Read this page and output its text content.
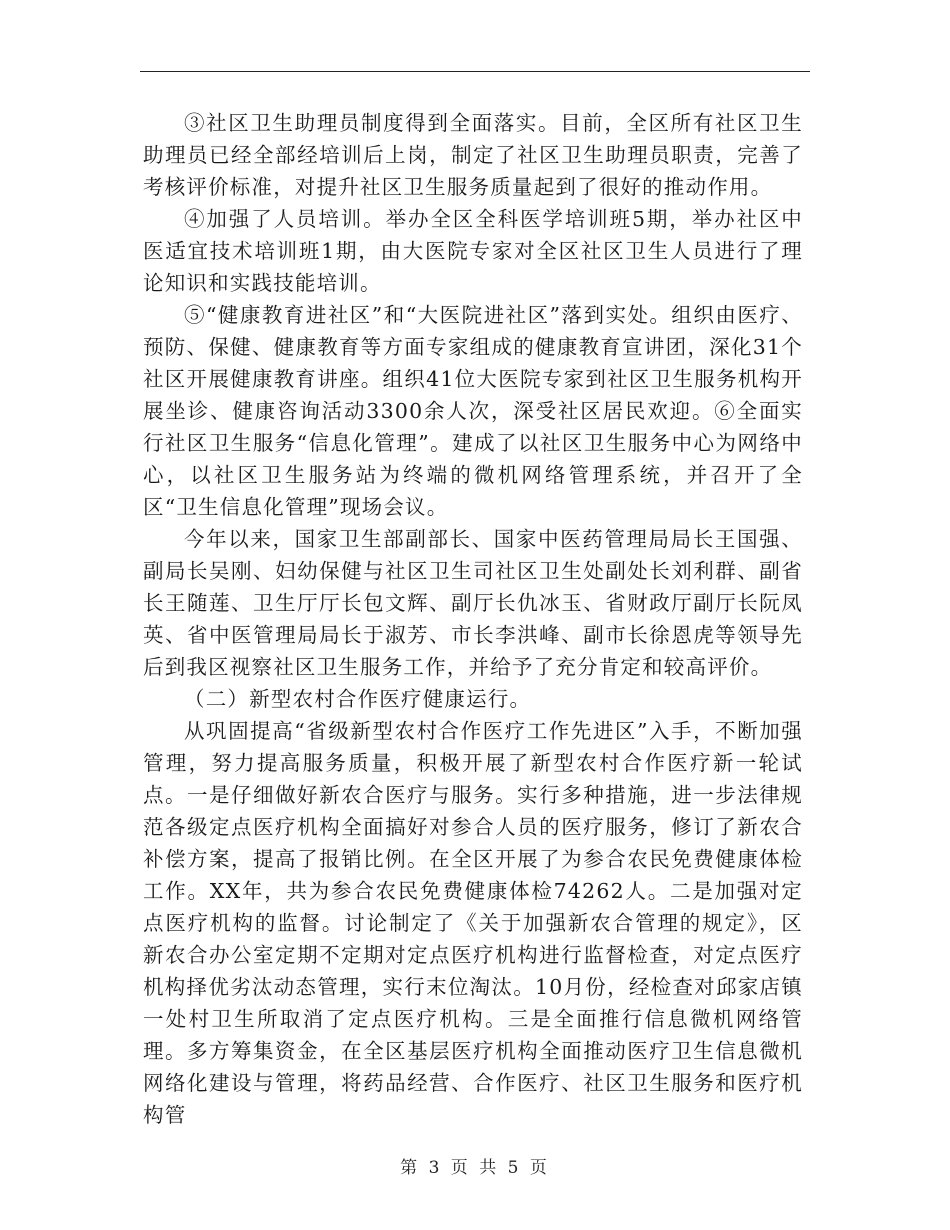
③社区卫生助理员制度得到全面落实。目前，全区所有社区卫生助理员已经全部经培训后上岗，制定了社区卫生助理员职责，完善了考核评价标准，对提升社区卫生服务质量起到了很好的推动作用。

④加强了人员培训。举办全区全科医学培训班5期，举办社区中医适宜技术培训班1期，由大医院专家对全区社区卫生人员进行了理论知识和实践技能培训。

⑤“健康教育进社区”和“大医院进社区”落到实处。组织由医疗、预防、保健、健康教育等方面专家组成的健康教育宣讲团，深化31个社区开展健康教育讲座。组织41位大医院专家到社区卫生服务机构开展坐诊、健康咨询活动3300余人次，深受社区居民欢迎。⑥全面实行社区卫生服务“信息化管理”。建成了以社区卫生服务中心为网络中心，以社区卫生服务站为终端的微机网络管理系统，并召开了全区“卫生信息化管理”现场会议。

今年以来，国家卫生部副部长、国家中医药管理局局长王国强、副局长吴刚、妇幼保健与社区卫生司社区卫生处副处长刘利群、副省长王随莲、卫生厅厅长包文辉、副厅长仇冰玉、省财政厅副厅长阮凤英、省中医管理局局长于淑芳、市长李洪峰、副市长徐恩虎等领导先后到我区视察社区卫生服务工作，并给予了充分肯定和较高评价。

（二）新型农村合作医疗健康运行。

从巩固提高“省级新型农村合作医疗工作先进区”入手，不断加强管理，努力提高服务质量，积极开展了新型农村合作医疗新一轮试点。一是仔细做好新农合医疗与服务。实行多种措施，进一步法律规范各级定点医疗机构全面搞好对参合人员的医疗服务，修订了新农合补偿方案，提高了报销比例。在全区开展了为参合农民免费健康体检工作。XX年，共为参合农民免费健康体检74262人。二是加强对定点医疗机构的监督。讨论制定了《关于加强新农合管理的规定》，区新农合办公室定期不定期对定点医疗机构进行监督检查，对定点医疗机构择优劣汰动态管理，实行末位淘汰。10月份，经检查对邱家店镇一处村卫生所取消了定点医疗机构。三是全面推行信息微机网络管理。多方筹集资金，在全区基层医疗机构全面推动医疗卫生信息微机网络化建设与管理，将药品经营、合作医疗、社区卫生服务和医疗机构管

第 3 页 共 5 页
